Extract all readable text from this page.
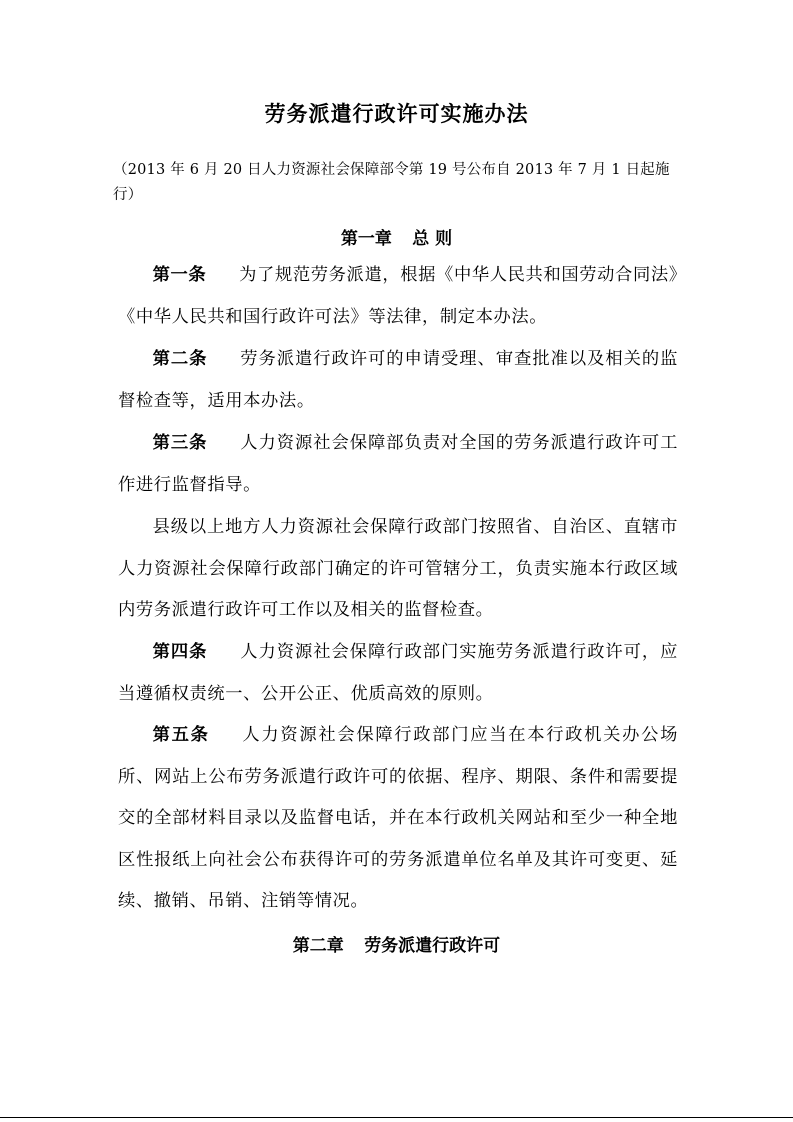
劳务派遣行政许可实施办法
（2013 年 6 月 20 日人力资源社会保障部令第 19 号公布自 2013 年 7 月 1 日起施行）
第一章 总 则
第一条 为了规范劳务派遣，根据《中华人民共和国劳动合同法》《中华人民共和国行政许可法》等法律，制定本办法。
第二条 劳务派遣行政许可的申请受理、审查批准以及相关的监督检查等，适用本办法。
第三条 人力资源社会保障部负责对全国的劳务派遣行政许可工作进行监督指导。
县级以上地方人力资源社会保障行政部门按照省、自治区、直辖市人力资源社会保障行政部门确定的许可管辖分工，负责实施本行政区域内劳务派遣行政许可工作以及相关的监督检查。
第四条 人力资源社会保障行政部门实施劳务派遣行政许可，应当遵循权责统一、公开公正、优质高效的原则。
第五条 人力资源社会保障行政部门应当在本行政机关办公场所、网站上公布劳务派遣行政许可的依据、程序、期限、条件和需要提交的全部材料目录以及监督电话，并在本行政机关网站和至少一种全地区性报纸上向社会公布获得许可的劳务派遣单位名单及其许可变更、延续、撤销、吊销、注销等情况。
第二章 劳务派遣行政许可
